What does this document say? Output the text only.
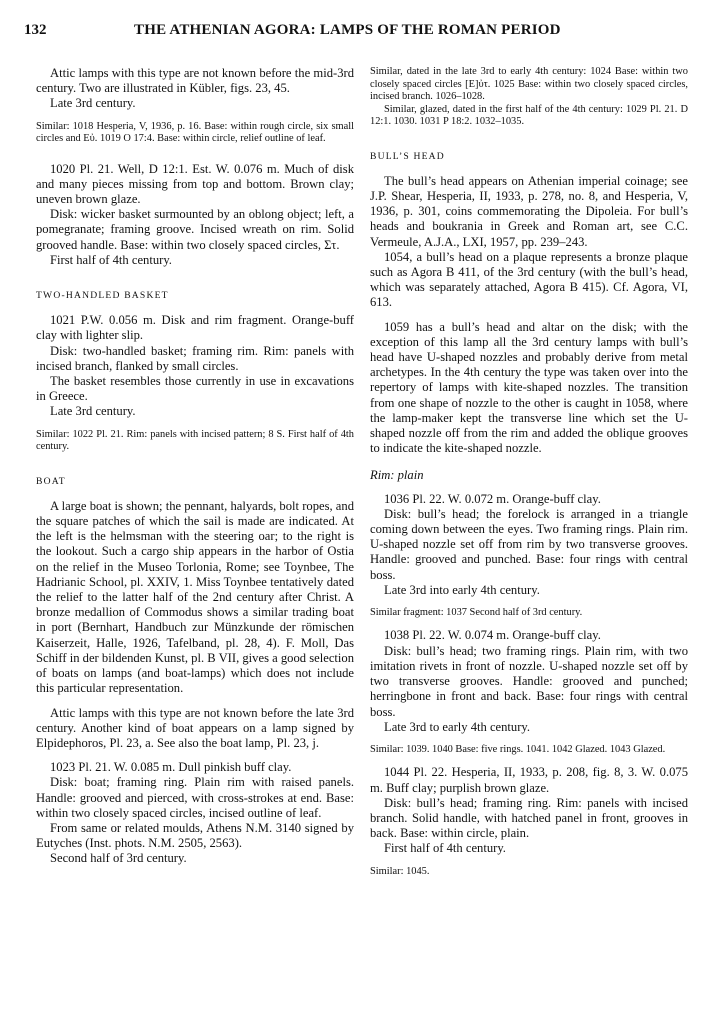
132	THE ATHENIAN AGORA: LAMPS OF THE ROMAN PERIOD

Attic lamps with this type are not known before the mid-3rd century. Two are illustrated in Kübler, figs. 23, 45.

Late 3rd century.

Similar: 1018 Hesperia, V, 1936, p. 16. Base: within rough circle, six small circles and Eὐ. 1019 O 17:4. Base: within circle, relief outline of leaf.

1020 Pl. 21. Well, D 12:1. Est. W. 0.076 m. Much of disk and many pieces missing from top and bottom. Brown clay; uneven brown glaze.

Disk: wicker basket surmounted by an oblong object; left, a pomegranate; framing groove. Incised wreath on rim. Solid grooved handle. Base: within two closely spaced circles, Στ.

First half of 4th century.

TWO-HANDLED BASKET

1021 P.W. 0.056 m. Disk and rim fragment. Orange-buff clay with lighter slip.

Disk: two-handled basket; framing rim. Rim: panels with incised branch, flanked by small circles.

The basket resembles those currently in use in excavations in Greece.

Late 3rd century.

Similar: 1022 Pl. 21. Rim: panels with incised pattern; 8 S. First half of 4th century.

BOAT

A large boat is shown; the pennant, halyards, bolt ropes, and the square patches of which the sail is made are indicated. At the left is the helmsman with the steering oar; to the right is the lookout. Such a cargo ship appears in the harbor of Ostia on the relief in the Museo Torlonia, Rome; see Toynbee, The Hadrianic School, pl. XXIV, 1. Miss Toynbee tentatively dated the relief to the latter half of the 2nd century after Christ. A bronze medallion of Commodus shows a similar trading boat in port (Bernhart, Handbuch zur Münzkunde der römischen Kaiserzeit, Halle, 1926, Tafelband, pl. 28, 4). F. Moll, Das Schiff in der bildenden Kunst, pl. B VII, gives a good selection of boats on lamps (and boat-lamps) which does not include this particular representation.

Attic lamps with this type are not known before the late 3rd century. Another kind of boat appears on a lamp signed by Elpidephoros, Pl. 23, a. See also the boat lamp, Pl. 23, j.

1023 Pl. 21. W. 0.085 m. Dull pinkish buff clay.

Disk: boat; framing ring. Plain rim with raised panels. Handle: grooved and pierced, with cross-strokes at end. Base: within two closely spaced circles, incised outline of leaf.

From same or related moulds, Athens N.M. 3140 signed by Eutyches (Inst. phots. N.M. 2505, 2563).

Second half of 3rd century.

Similar, dated in the late 3rd to early 4th century: 1024 Base: within two closely spaced circles [E]ὐτ. 1025 Base: within two closely spaced circles, incised branch. 1026–1028.

Similar, glazed, dated in the first half of the 4th century: 1029 Pl. 21. D 12:1. 1030. 1031 P 18:2. 1032–1035.

BULL’S HEAD

The bull’s head appears on Athenian imperial coinage; see J.P. Shear, Hesperia, II, 1933, p. 278, no. 8, and Hesperia, V, 1936, p. 301, coins commemorating the Dipoleia. For bull’s heads and boukrania in Greek and Roman art, see C.C. Vermeule, A.J.A., LXI, 1957, pp. 239–243.

1054, a bull’s head on a plaque represents a bronze plaque such as Agora B 411, of the 3rd century (with the bull’s head, which was separately attached, Agora B 415). Cf. Agora, VI, 613.

1059 has a bull’s head and altar on the disk; with the exception of this lamp all the 3rd century lamps with bull’s head have U-shaped nozzles and probably derive from metal archetypes. In the 4th century the type was taken over into the repertory of lamps with kite-shaped nozzles. The transition from one shape of nozzle to the other is caught in 1058, where the lamp-maker kept the transverse line which set the U-shaped nozzle off from the rim and added the oblique grooves to indicate the kite-shaped nozzle.

Rim: plain

1036 Pl. 22. W. 0.072 m. Orange-buff clay.

Disk: bull’s head; the forelock is arranged in a triangle coming down between the eyes. Two framing rings. Plain rim. U-shaped nozzle set off from rim by two transverse grooves. Handle: grooved and punched. Base: four rings with central boss.

Late 3rd into early 4th century.

Similar fragment: 1037 Second half of 3rd century.

1038 Pl. 22. W. 0.074 m. Orange-buff clay.

Disk: bull’s head; two framing rings. Plain rim, with two imitation rivets in front of nozzle. U-shaped nozzle set off by two transverse grooves. Handle: grooved and punched; herringbone in front and back. Base: four rings with central boss.

Late 3rd to early 4th century.

Similar: 1039. 1040 Base: five rings. 1041. 1042 Glazed. 1043 Glazed.

1044 Pl. 22. Hesperia, II, 1933, p. 208, fig. 8, 3. W. 0.075 m. Buff clay; purplish brown glaze.

Disk: bull’s head; framing ring. Rim: panels with incised branch. Solid handle, with hatched panel in front, grooves in back. Base: within circle, plain.

First half of 4th century.

Similar: 1045.
